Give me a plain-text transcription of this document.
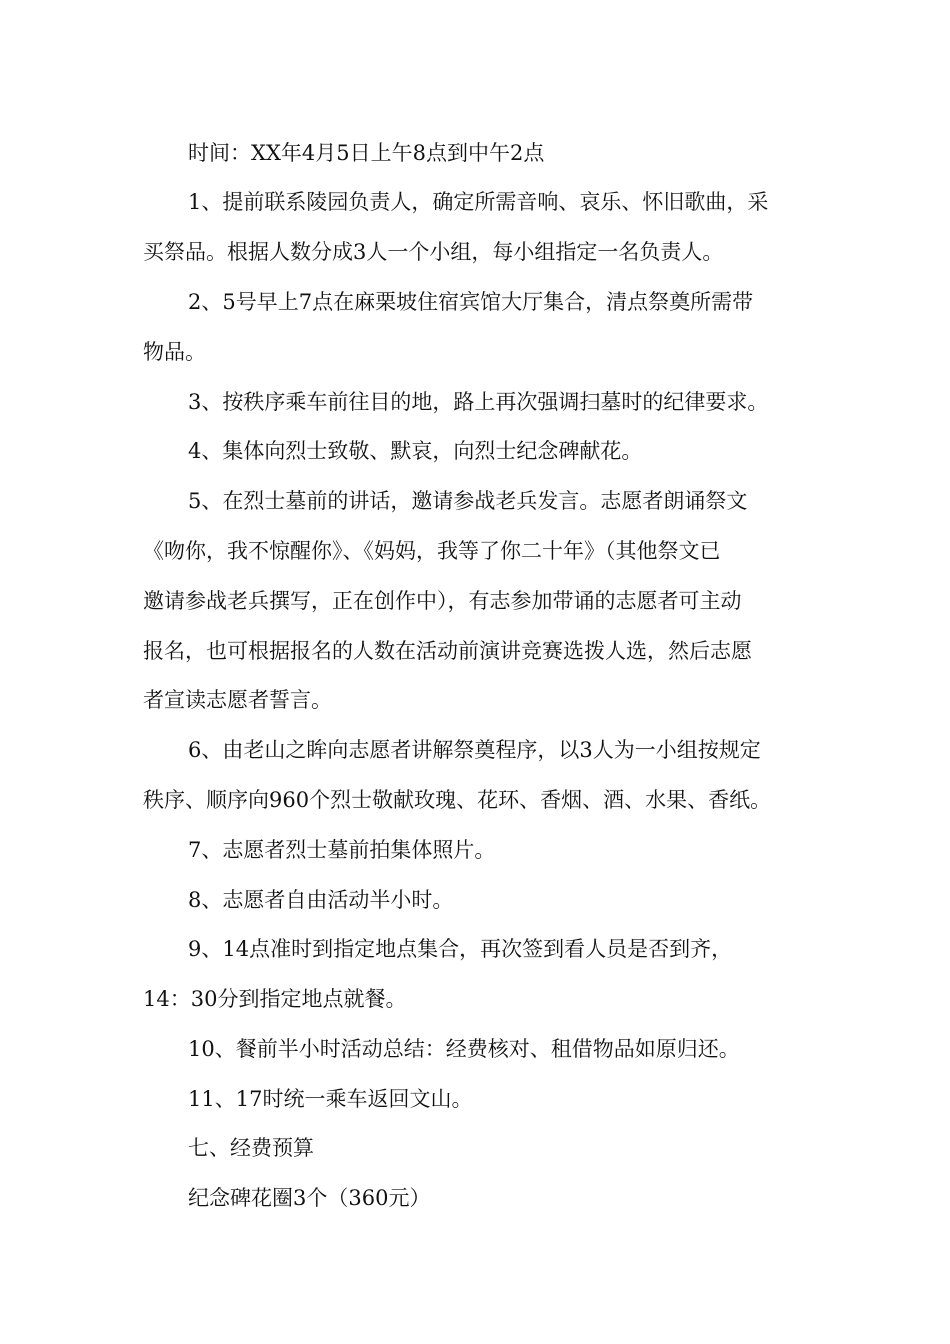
时间：XX年4月5日上午8点到中午2点
1、提前联系陵园负责人，确定所需音响、哀乐、怀旧歌曲，采
买祭品。根据人数分成3人一个小组，每小组指定一名负责人。
2、5号早上7点在麻栗坡住宿宾馆大厅集合，清点祭奠所需带
物品。
3、按秩序乘车前往目的地，路上再次强调扫墓时的纪律要求。
4、集体向烈士致敬、默哀，向烈士纪念碑献花。
5、在烈士墓前的讲话，邀请参战老兵发言。志愿者朗诵祭文
《吻你，我不惊醒你》、《妈妈，我等了你二十年》（其他祭文已
邀请参战老兵撰写，正在创作中），有志参加带诵的志愿者可主动
报名，也可根据报名的人数在活动前演讲竞赛选拨人选，然后志愿
者宣读志愿者誓言。
6、由老山之眸向志愿者讲解祭奠程序，以3人为一小组按规定
秩序、顺序向960个烈士敬献玫瑰、花环、香烟、酒、水果、香纸。
7、志愿者烈士墓前拍集体照片。
8、志愿者自由活动半小时。
9、14点准时到指定地点集合，再次签到看人员是否到齐，
14：30分到指定地点就餐。
10、餐前半小时活动总结：经费核对、租借物品如原归还。
11、17时统一乘车返回文山。
七、经费预算
纪念碑花圈3个（360元）
